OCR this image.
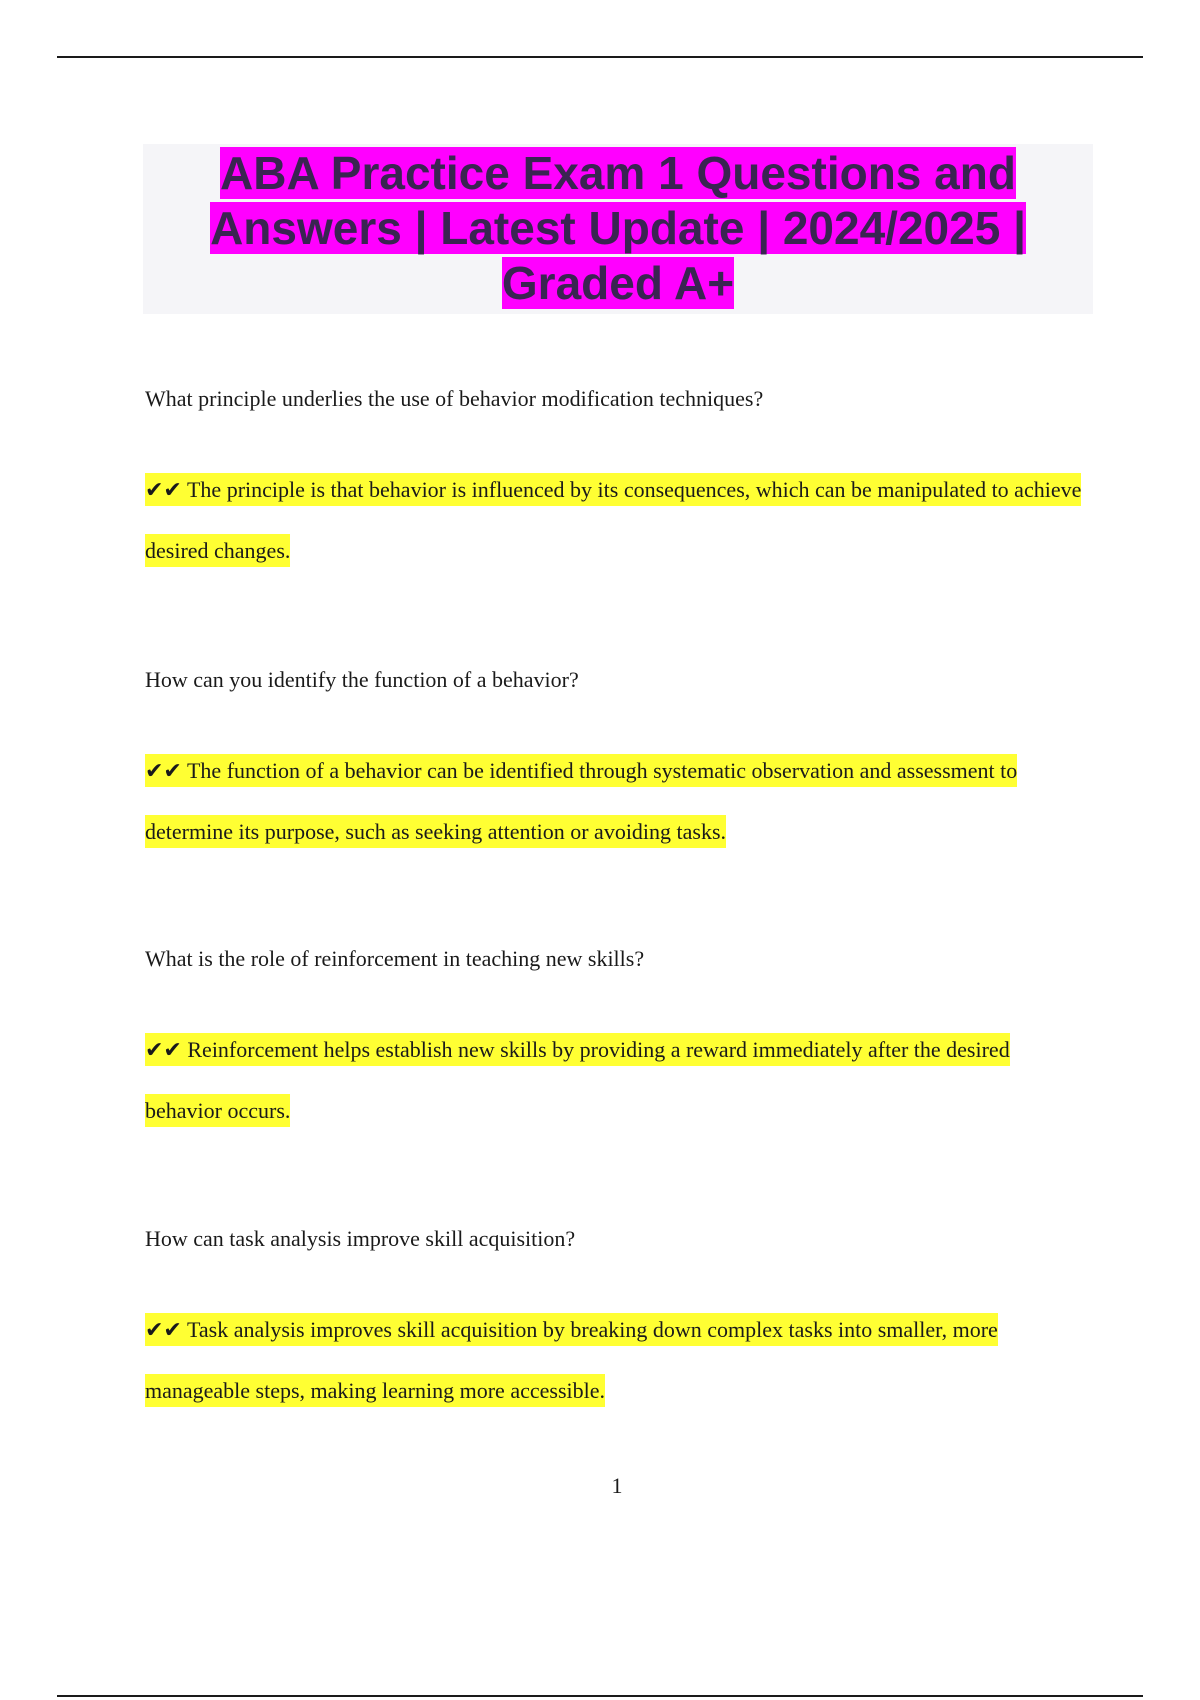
ABA Practice Exam 1 Questions and Answers | Latest Update | 2024/2025 | Graded A+
What principle underlies the use of behavior modification techniques?
✔✔ The principle is that behavior is influenced by its consequences, which can be manipulated to achieve desired changes.
How can you identify the function of a behavior?
✔✔ The function of a behavior can be identified through systematic observation and assessment to determine its purpose, such as seeking attention or avoiding tasks.
What is the role of reinforcement in teaching new skills?
✔✔ Reinforcement helps establish new skills by providing a reward immediately after the desired behavior occurs.
How can task analysis improve skill acquisition?
✔✔ Task analysis improves skill acquisition by breaking down complex tasks into smaller, more manageable steps, making learning more accessible.
1
